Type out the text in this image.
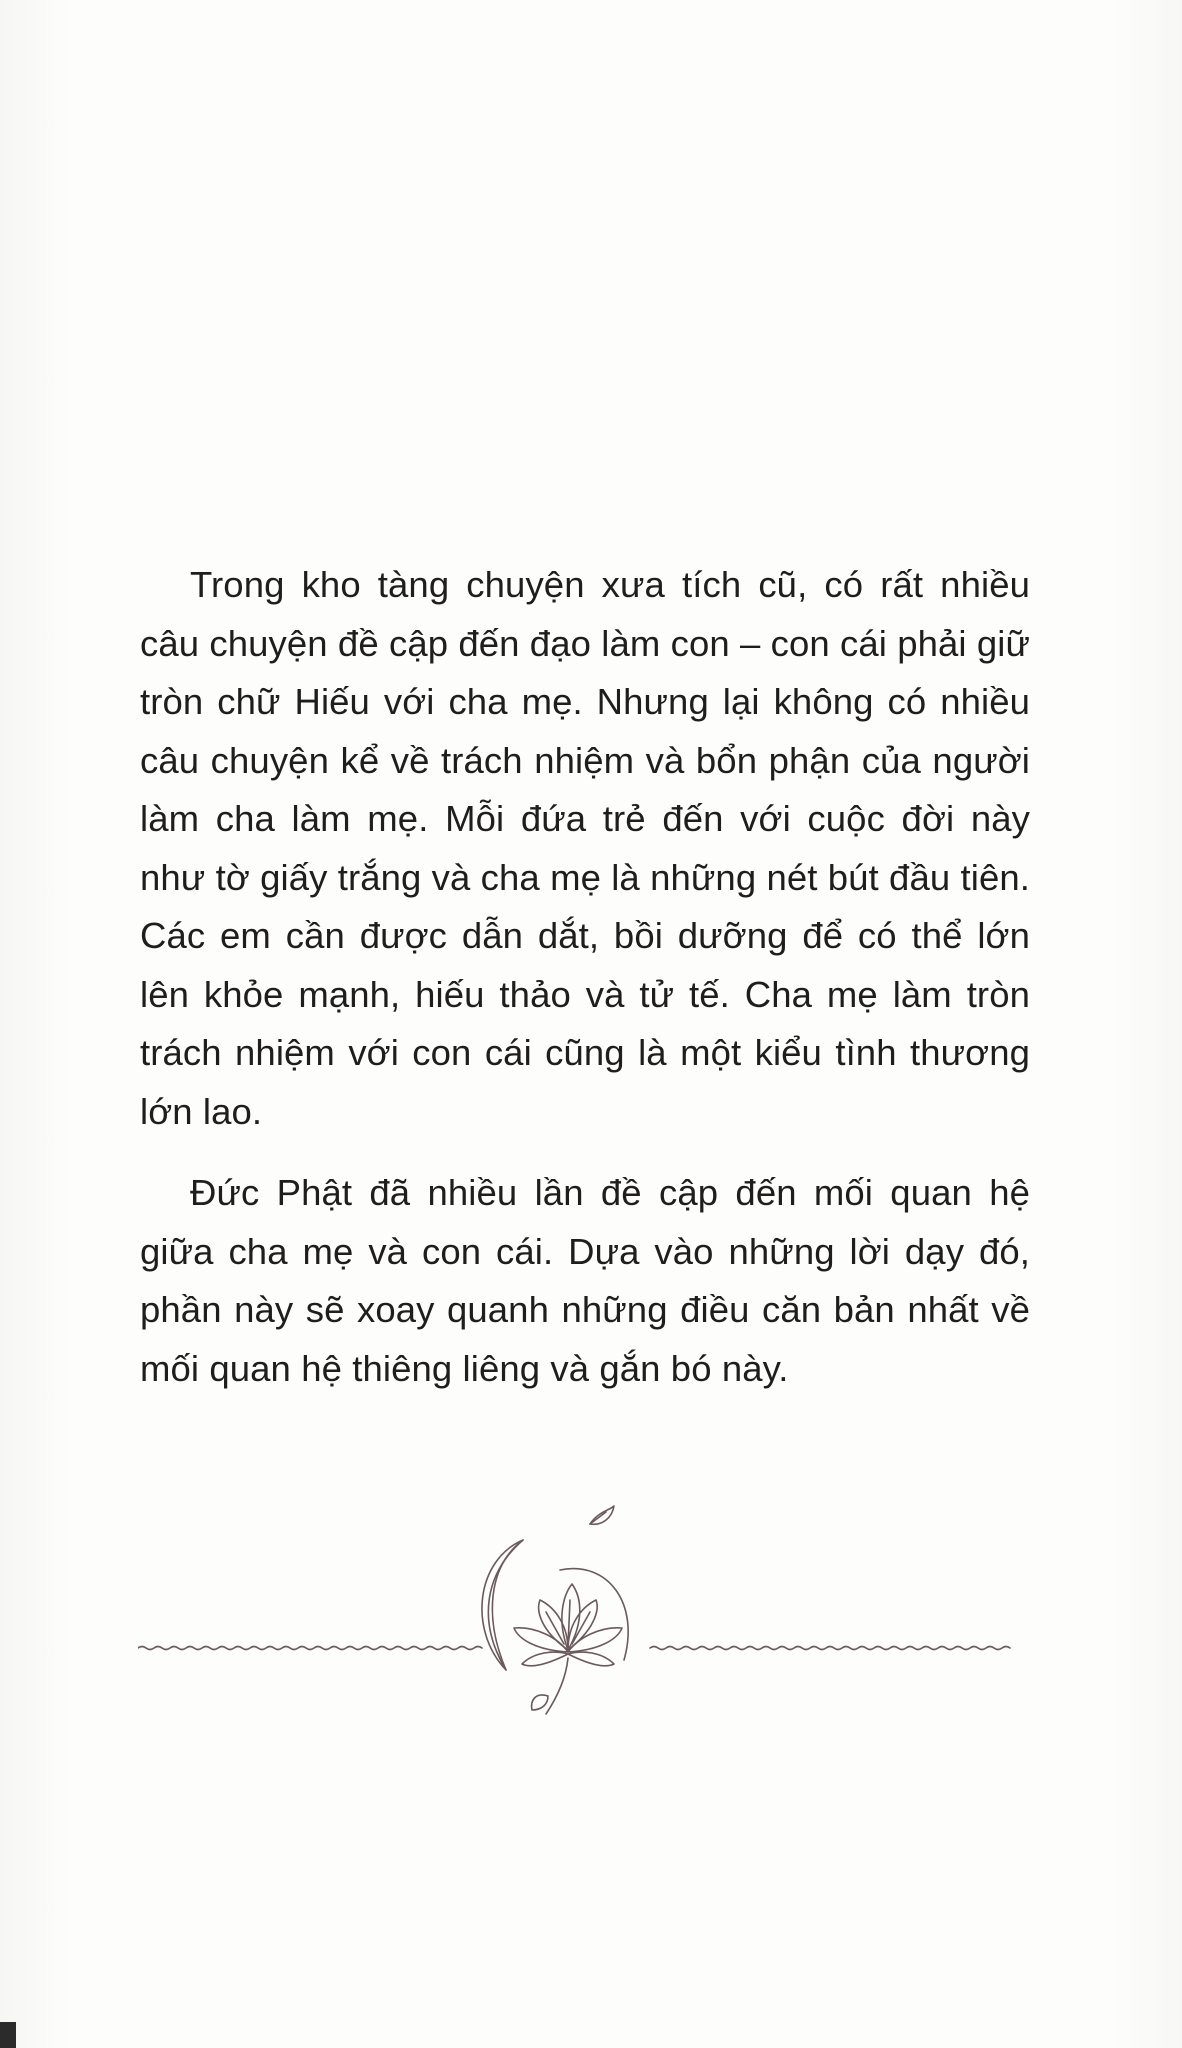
Trong kho tàng chuyện xưa tích cũ, có rất nhiều câu chuyện đề cập đến đạo làm con – con cái phải giữ tròn chữ Hiếu với cha mẹ. Nhưng lại không có nhiều câu chuyện kể về trách nhiệm và bổn phận của người làm cha làm mẹ. Mỗi đứa trẻ đến với cuộc đời này như tờ giấy trắng và cha mẹ là những nét bút đầu tiên. Các em cần được dẫn dắt, bồi dưỡng để có thể lớn lên khỏe mạnh, hiếu thảo và tử tế. Cha mẹ làm tròn trách nhiệm với con cái cũng là một kiểu tình thương lớn lao.

Đức Phật đã nhiều lần đề cập đến mối quan hệ giữa cha mẹ và con cái. Dựa vào những lời dạy đó, phần này sẽ xoay quanh những điều căn bản nhất về mối quan hệ thiêng liêng và gắn bó này.
